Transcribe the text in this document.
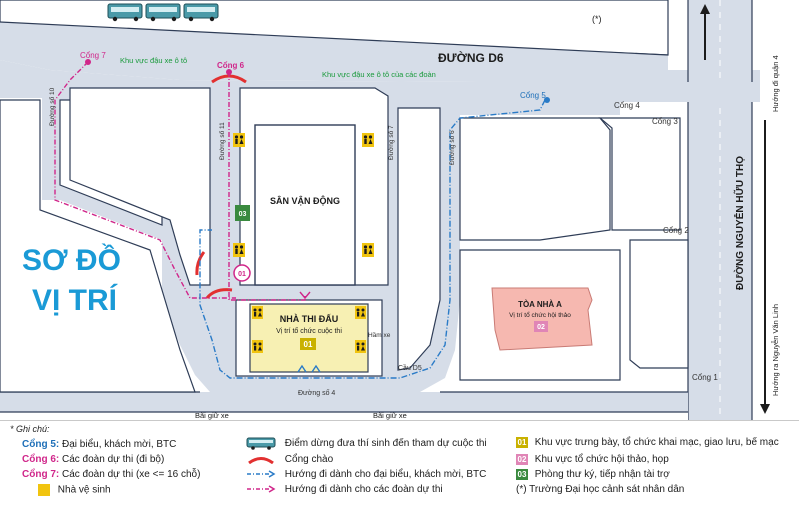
SÂN VẬN ĐỘNG
NHÀ THI ĐẤU
Vị trí tổ chức cuộc thi
01
TÒA NHÀ A
Vị trí tổ chức hội thảo
02
03
01
Cổng 7
Cổng 6
Cổng 5
Cổng 4
Cổng 3
Cổng 2
Cổng 1
ĐƯỜNG D6
Khu vực đậu xe ô tô
Khu vực đậu xe ô tô của các đoàn
Đường số 10
Đường số 11	Đường số 7	Đường số 6
Đường số 4
Cầu D5
Hầm xe
ĐƯỜNG NGUYỄN HỮU THỌ
Hướng đi quận 4
Hướng ra Nguyễn Văn Linh
Bãi giữ xe	Bãi giữ xe
(*)
SƠ ĐỒ
VỊ TRÍ
* Ghi chú:
Cổng 5: Đại biểu, khách mời, BTC
Cổng 6: Các đoàn dự thi (đi bộ)
Cổng 7: Các đoàn dự thi (xe <= 16 chỗ)
Nhà vệ sinh
Điểm dừng đưa thí sinh đến tham dự cuộc thi
Cổng chào
Hướng đi dành cho đại biểu, khách mời, BTC
Hướng đi dành cho các đoàn dự thi
01 Khu vực trưng bày, tổ chức khai mạc, giao lưu, bế mạc
02 Khu vực tổ chức hội thảo, họp
03 Phòng thư ký, tiếp nhận tài trợ
(*) Trường Đại học cảnh sát nhân dân
